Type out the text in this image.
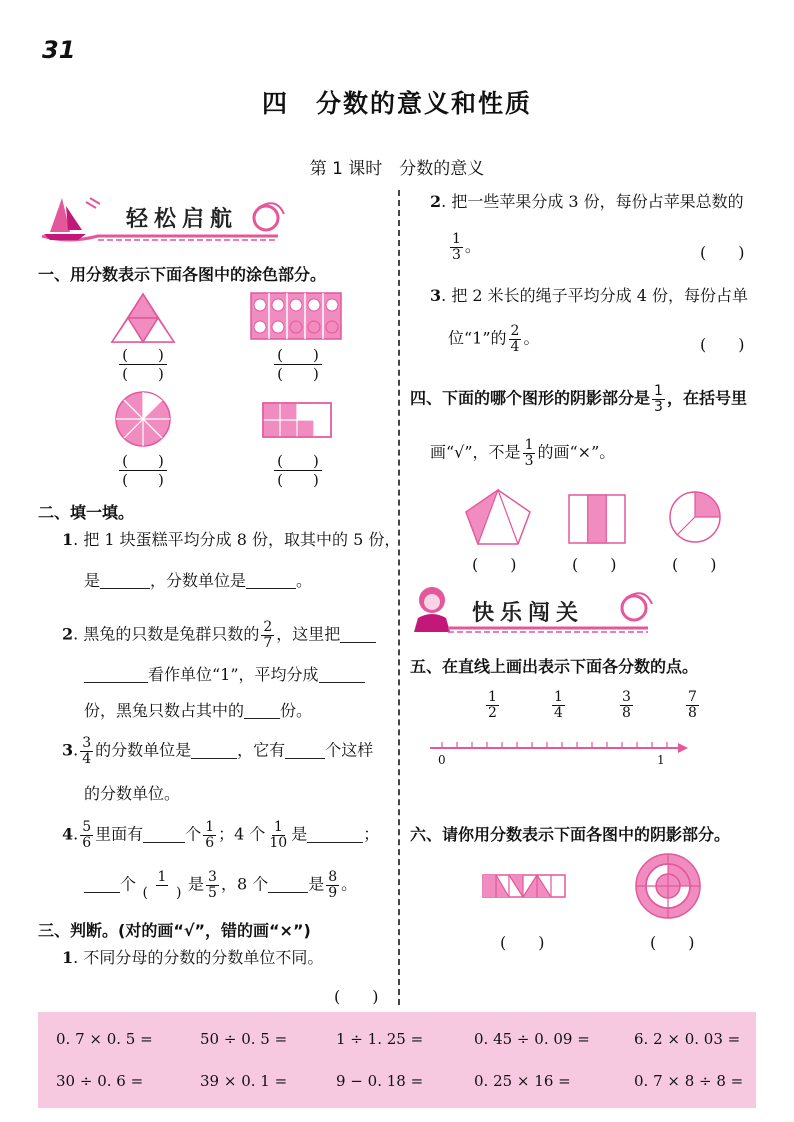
31
四　分数的意义和性质
第 1 课时　分数的意义
轻松启航
一、用分数表示下面各图中的涂色部分。
(　　)
(　　)
(　　)
(　　)
(　　)
(　　)
(　　)
(　　)
二、填一填。
1. 把 1 块蛋糕平均分成 8 份，取其中的 5 份，
是	，分数单位是	。
2. 黑兔的只数是兔群只数的 $\frac{2}{7}$ ，这里把
看作单位“1”，平均分成
份，黑兔只数占其中的 份。
3. $\frac{3}{4}$ 的分数单位是	，它有	个这样
的分数单位。
4. $\frac{5}{6}$ 里面有	个 $\frac{1}{6}$ ；4 个 $\frac{1}{10}$ 是	；
个 $\frac{1}{( )}$ 是 $\frac{3}{5}$ ，8 个	是 $\frac{8}{9}$ 。
三、判断。(对的画“√”，错的画“×”)
1. 不同分母的分数的分数单位不同。
(　　)
2. 把一些苹果分成 3 份，每份占苹果总数的
$\frac{1}{3}$ 。	(　　)
3. 把 2 米长的绳子平均分成 4 份，每份占单
位“1”的 $\frac{2}{4}$ 。	(　　)
四、下面的哪个图形的阴影部分是 $\frac{1}{3}$ ，在括号里
画“√”，不是 $\frac{1}{3}$ 的画“×”。
(　　)	(　　)	(　　)
快乐闯关
五、在直线上画出表示下面各分数的点。
$\frac{1}{2}$	$\frac{1}{4}$	$\frac{3}{8}$	$\frac{7}{8}$
0	1
六、请你用分数表示下面各图中的阴影部分。
(　　)	(　　)
0. 7 × 0. 5 =	50 ÷ 0. 5 =	1 ÷ 1. 25 =	0. 45 ÷ 0. 09 =	6. 2 × 0. 03 =
30 ÷ 0. 6 =	39 × 0. 1 =	9 − 0. 18 =	0. 25 × 16 =	0. 7 × 8 ÷ 8 =
